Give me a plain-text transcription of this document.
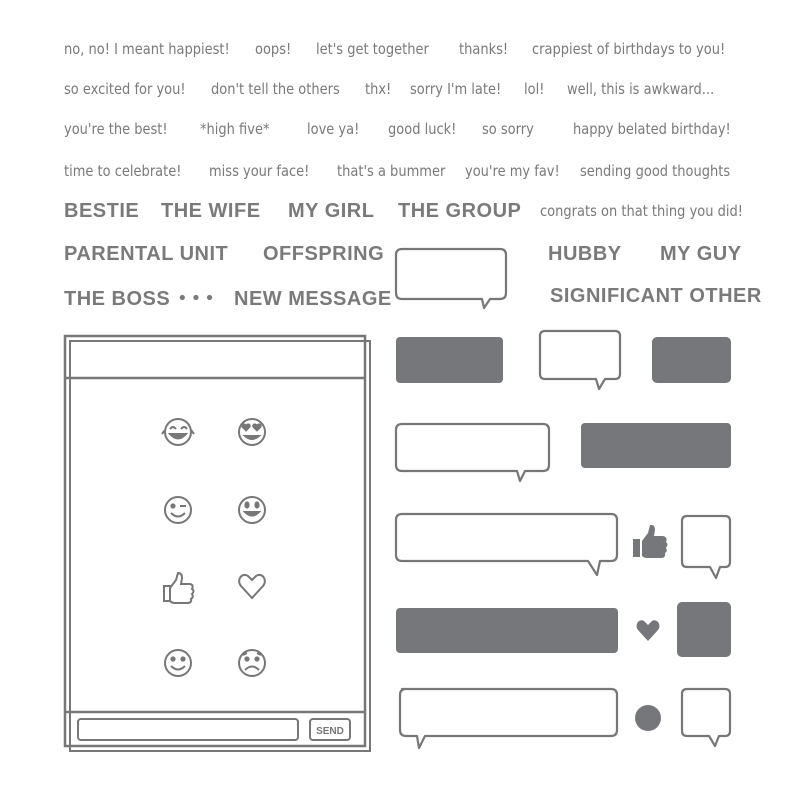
no, no! I meant happiest! oops! let's get together thanks! crappiest of birthdays to you!
so excited for you! don't tell the others thx! sorry I'm late! lol! well, this is awkward...
you're the best! *high five* love ya! good luck! so sorry	happy belated birthday!
time to celebrate! miss your face! that's a bummer you're my fav! sending good thoughts
congrats on that thing you did!
BESTIE THE WIFE MY GIRL THE GROUP
PARENTAL UNIT OFFSPRING	HUBBY MY GUY
THE BOSS ••• NEW MESSAGE	SIGNIFICANT OTHER
SEND
